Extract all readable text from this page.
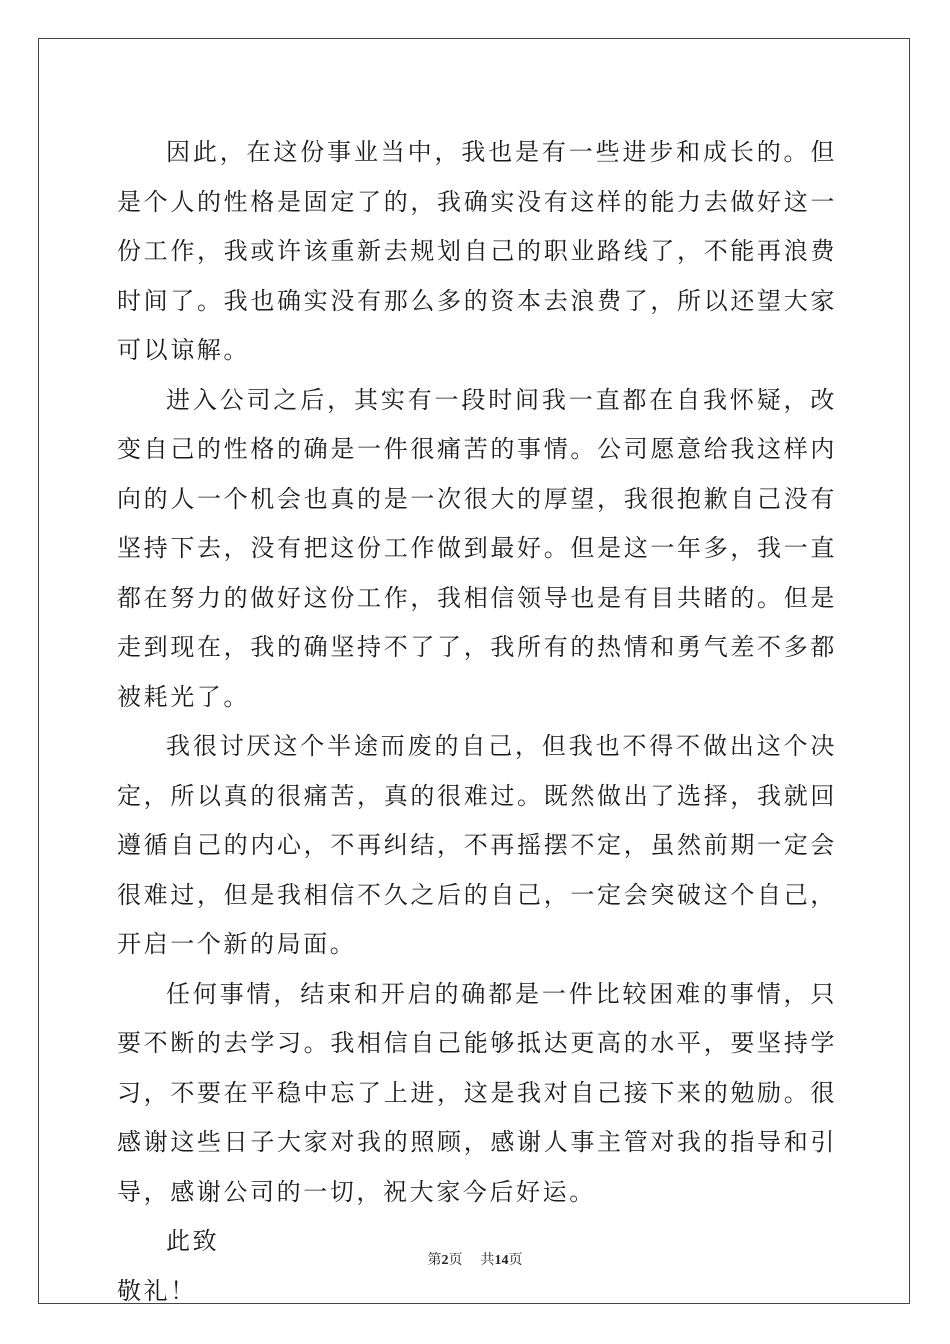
因此，在这份事业当中，我也是有一些进步和成长的。但是个人的性格是固定了的，我确实没有这样的能力去做好这一份工作，我或许该重新去规划自己的职业路线了，不能再浪费时间了。我也确实没有那么多的资本去浪费了，所以还望大家可以谅解。

进入公司之后，其实有一段时间我一直都在自我怀疑，改变自己的性格的确是一件很痛苦的事情。公司愿意给我这样内向的人一个机会也真的是一次很大的厚望，我很抱歉自己没有坚持下去，没有把这份工作做到最好。但是这一年多，我一直都在努力的做好这份工作，我相信领导也是有目共睹的。但是走到现在，我的确坚持不了了，我所有的热情和勇气差不多都被耗光了。

我很讨厌这个半途而废的自己，但我也不得不做出这个决定，所以真的很痛苦，真的很难过。既然做出了选择，我就回遵循自己的内心，不再纠结，不再摇摆不定，虽然前期一定会很难过，但是我相信不久之后的自己，一定会突破这个自己，开启一个新的局面。

任何事情，结束和开启的确都是一件比较困难的事情，只要不断的去学习。我相信自己能够抵达更高的水平，要坚持学习，不要在平稳中忘了上进，这是我对自己接下来的勉励。很感谢这些日子大家对我的照顾，感谢人事主管对我的指导和引导，感谢公司的一切，祝大家今后好运。

此致

敬礼！

第2页 共14页
